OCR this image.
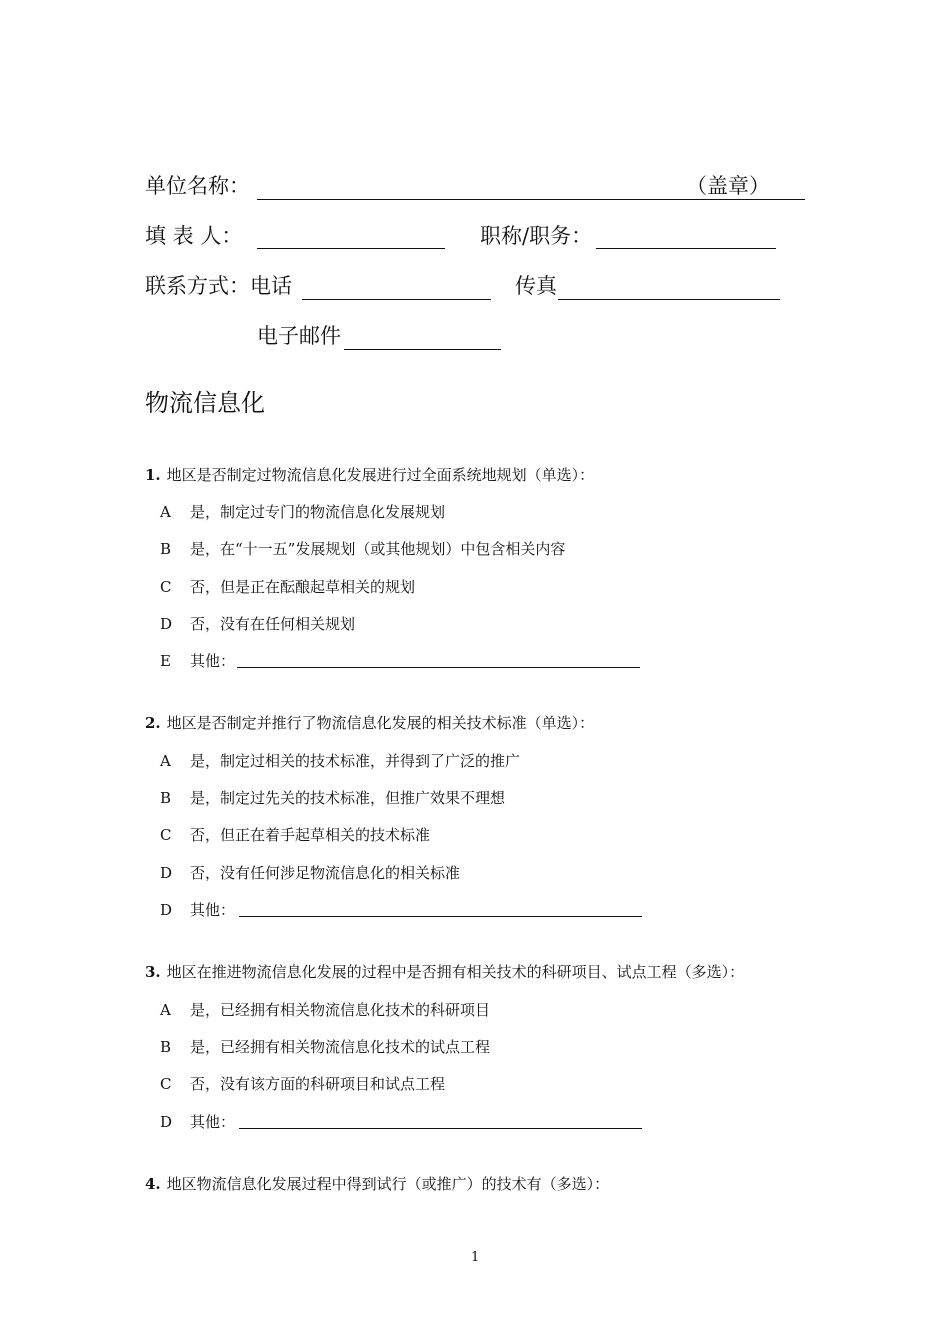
单位名称：	（盖章）
填 表 人：	职称/职务：
联系方式：电话	传真
电子邮件
物流信息化
1. 地区是否制定过物流信息化发展进行过全面系统地规划（单选）：
A 是，制定过专门的物流信息化发展规划
B 是，在“十一五”发展规划（或其他规划）中包含相关内容
C 否，但是正在酝酿起草相关的规划
D 否，没有在任何相关规划
E 其他：
2. 地区是否制定并推行了物流信息化发展的相关技术标准（单选）：
A 是，制定过相关的技术标准，并得到了广泛的推广
B 是，制定过先关的技术标准，但推广效果不理想
C 否，但正在着手起草相关的技术标准
D 否，没有任何涉足物流信息化的相关标准
D 其他：
3. 地区在推进物流信息化发展的过程中是否拥有相关技术的科研项目、试点工程（多选）：
A 是，已经拥有相关物流信息化技术的科研项目
B 是，已经拥有相关物流信息化技术的试点工程
C 否，没有该方面的科研项目和试点工程
D 其他：
4. 地区物流信息化发展过程中得到试行（或推广）的技术有（多选）：
1
